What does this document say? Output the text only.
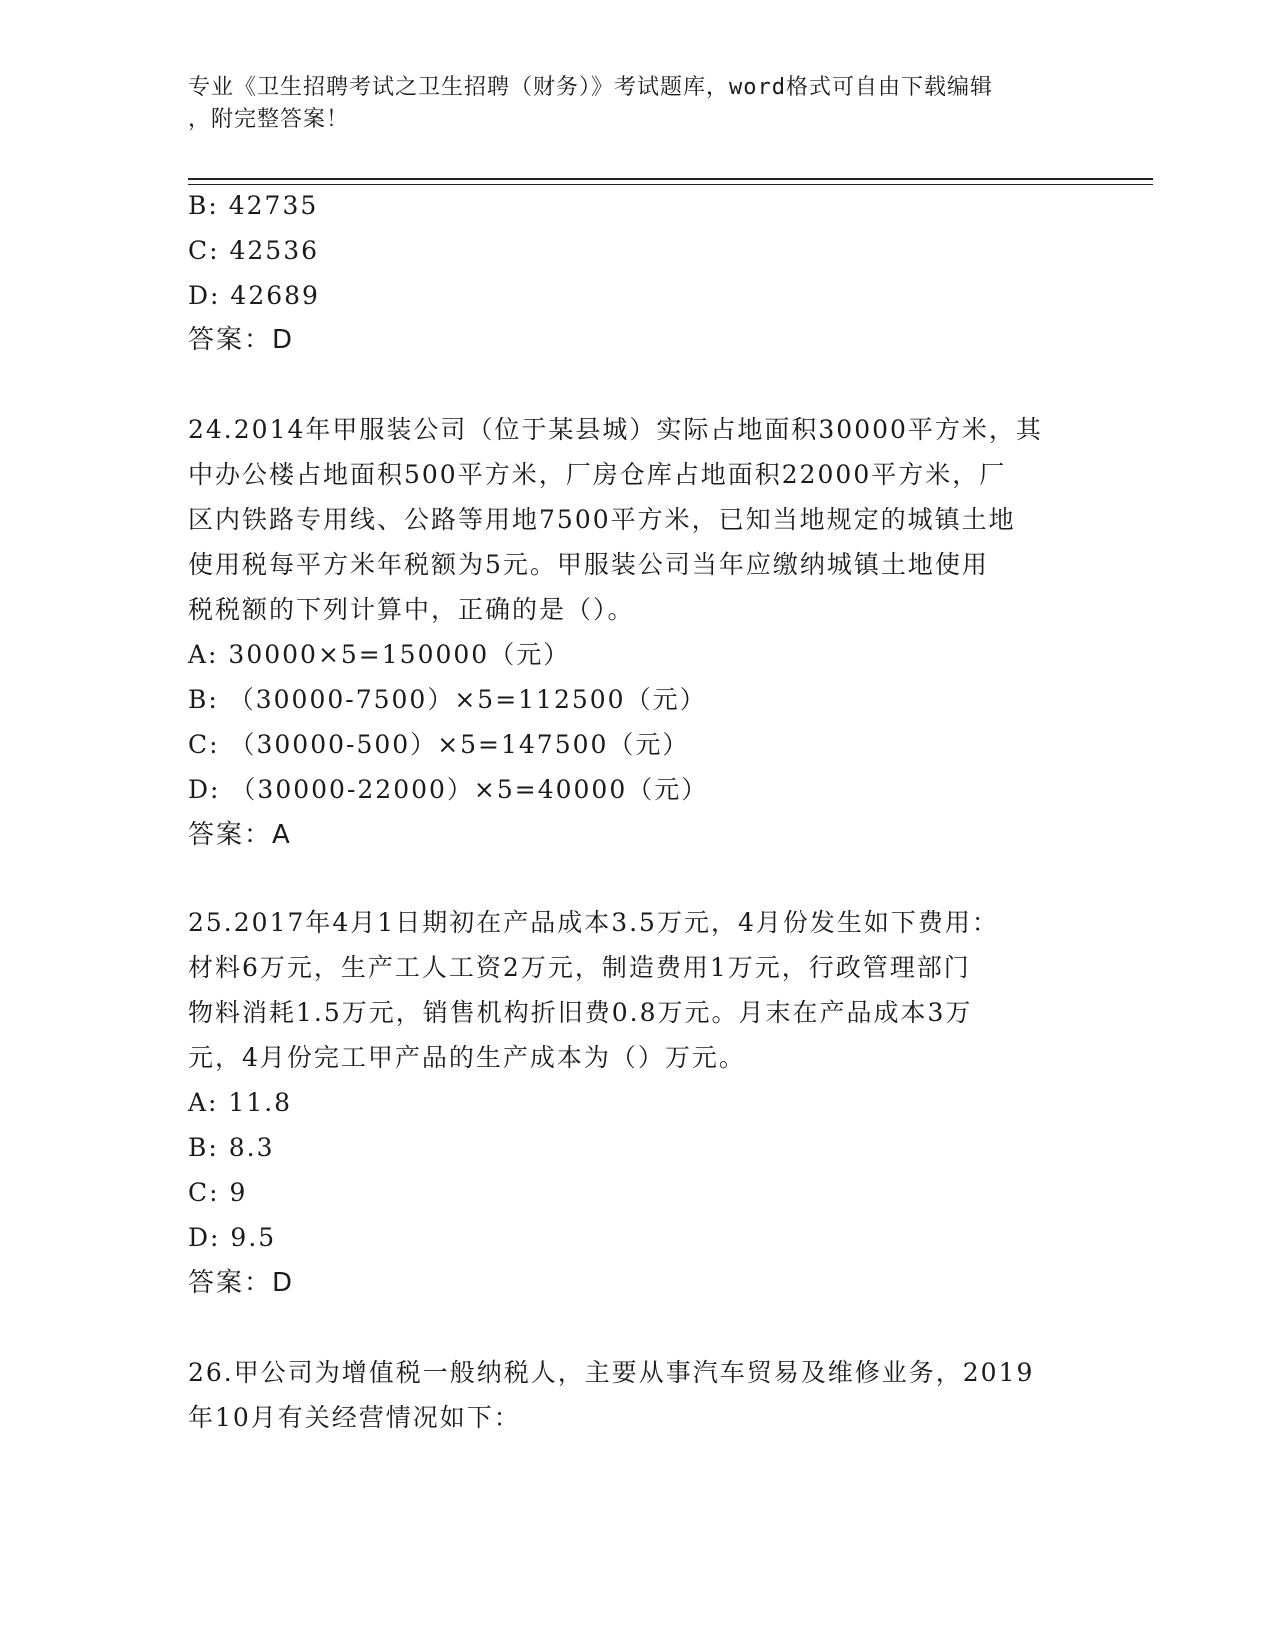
专业《卫生招聘考试之卫生招聘（财务）》考试题库，word格式可自由下载编辑
，附完整答案！
B: 42735
C: 42536
D: 42689
答案：D
24.2014年甲服装公司（位于某县城）实际占地面积30000平方米，其
中办公楼占地面积500平方米，厂房仓库占地面积22000平方米，厂
区内铁路专用线、公路等用地7500平方米，已知当地规定的城镇土地
使用税每平方米年税额为5元。甲服装公司当年应缴纳城镇土地使用
税税额的下列计算中，正确的是（）。
A: 30000×5=150000（元）
B: （30000-7500）×5=112500（元）
C: （30000-500）×5=147500（元）
D: （30000-22000）×5=40000（元）
答案：A
25.2017年4月1日期初在产品成本3.5万元，4月份发生如下费用：
材料6万元，生产工人工资2万元，制造费用1万元，行政管理部门
物料消耗1.5万元，销售机构折旧费0.8万元。月末在产品成本3万
元，4月份完工甲产品的生产成本为（）万元。
A: 11.8
B: 8.3
C: 9
D: 9.5
答案：D
26.甲公司为增值税一般纳税人，主要从事汽车贸易及维修业务，2019
年10月有关经营情况如下：
